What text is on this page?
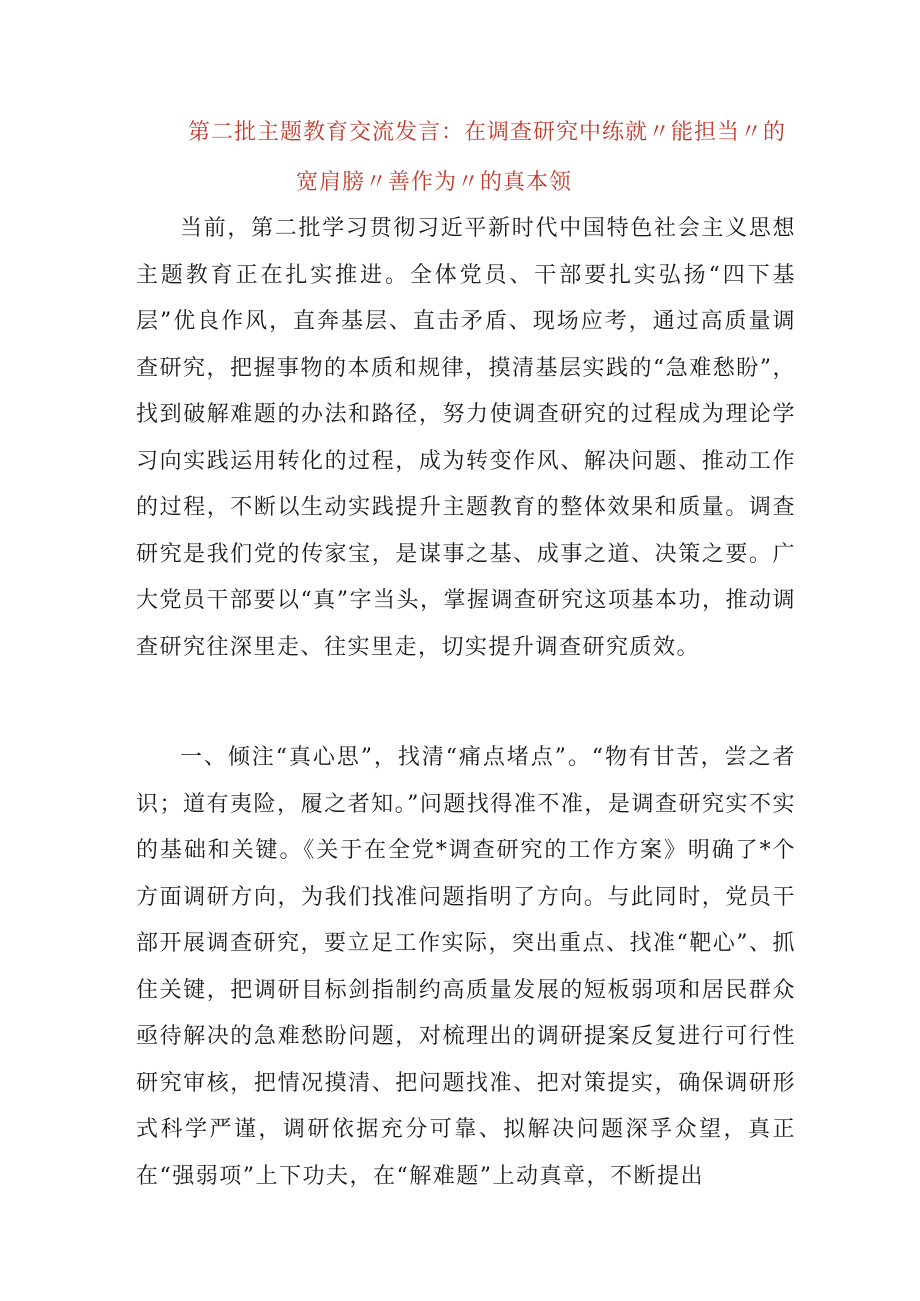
第二批主题教育交流发言：在调查研究中练就〃能担当〃的
宽肩膀〃善作为〃的真本领
当前，第二批学习贯彻习近平新时代中国特色社会主义思想主题教育正在扎实推进。全体党员、干部要扎实弘扬“四下基层”优良作风，直奔基层、直击矛盾、现场应考，通过高质量调查研究，把握事物的本质和规律，摸清基层实践的“急难愁盼”，找到破解难题的办法和路径，努力使调查研究的过程成为理论学习向实践运用转化的过程，成为转变作风、解决问题、推动工作的过程，不断以生动实践提升主题教育的整体效果和质量。调查研究是我们党的传家宝，是谋事之基、成事之道、决策之要。广大党员干部要以“真”字当头，掌握调查研究这项基本功，推动调查研究往深里走、往实里走，切实提升调查研究质效。
一、倾注“真心思”，找清“痛点堵点”。“物有甘苦，尝之者识；道有夷险，履之者知。”问题找得准不准，是调查研究实不实的基础和关键。《关于在全党*调查研究的工作方案》明确了*个方面调研方向，为我们找准问题指明了方向。与此同时，党员干部开展调查研究，要立足工作实际，突出重点、找准“靶心”、抓住关键，把调研目标剑指制约高质量发展的短板弱项和居民群众亟待解决的急难愁盼问题，对梳理出的调研提案反复进行可行性研究审核，把情况摸清、把问题找准、把对策提实，确保调研形式科学严谨，调研依据充分可靠、拟解决问题深孚众望，真正在“强弱项”上下功夫，在“解难题”上动真章，不断提出
